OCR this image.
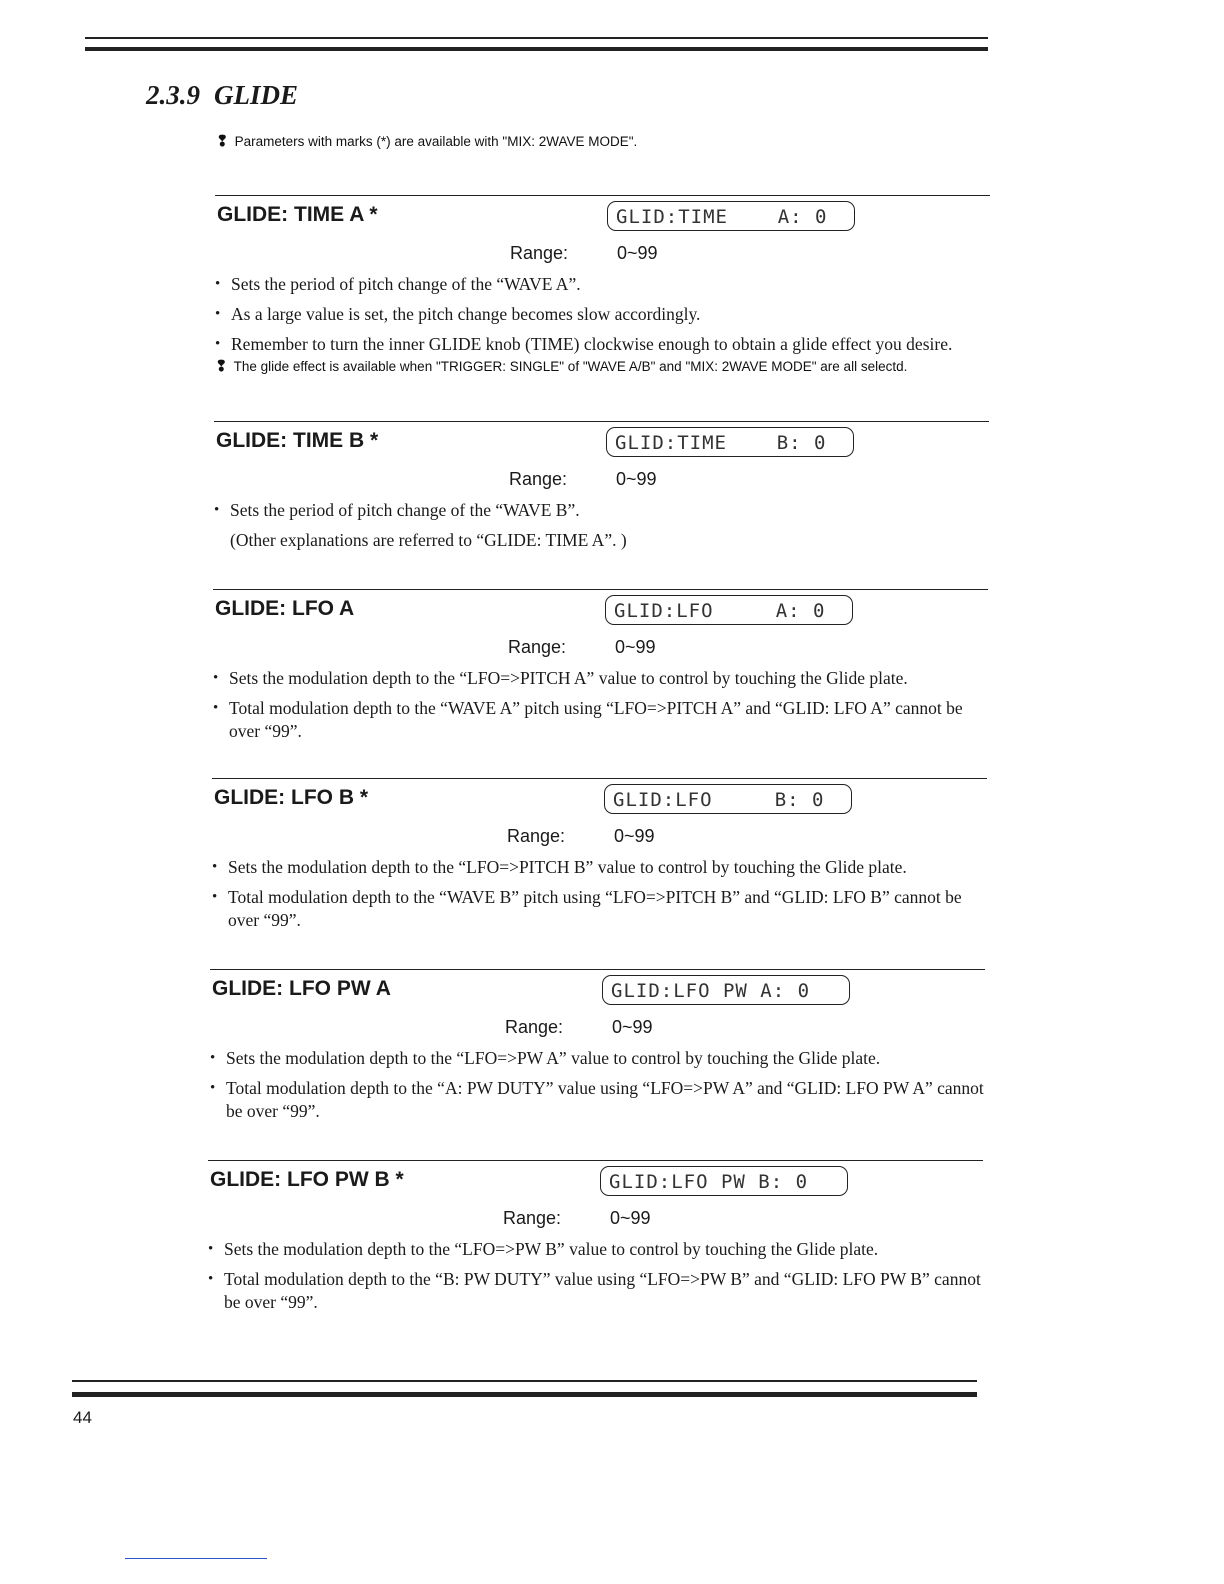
2.3.9 GLIDE
❢ Parameters with marks (*) are available with "MIX: 2WAVE MODE".
GLIDE: TIME A *	GLID:TIME    A: 0
Range:	0~99
• Sets the period of pitch change of the “WAVE A”.
• As a large value is set, the pitch change becomes slow accordingly.
• Remember to turn the inner GLIDE knob (TIME) clockwise enough to obtain a glide effect you desire.
❢ The glide effect is available when "TRIGGER: SINGLE" of "WAVE A/B" and "MIX: 2WAVE MODE" are all selectd.
GLIDE: TIME B *	GLID:TIME    B: 0
Range:	0~99
• Sets the period of pitch change of the “WAVE B”.
(Other explanations are referred to “GLIDE: TIME A”. )
GLIDE: LFO A	GLID:LFO     A: 0
Range:	0~99
• Sets the modulation depth to the “LFO=>PITCH A” value to control by touching the Glide plate.
• Total modulation depth to the “WAVE A” pitch using “LFO=>PITCH A” and “GLID: LFO A” cannot be over “99”.
GLIDE: LFO B *	GLID:LFO     B: 0
Range:	0~99
• Sets the modulation depth to the “LFO=>PITCH B” value to control by touching the Glide plate.
• Total modulation depth to the “WAVE B” pitch using “LFO=>PITCH B” and “GLID: LFO B” cannot be over “99”.
GLIDE: LFO PW A	GLID:LFO PW A: 0
Range:	0~99
• Sets the modulation depth to the “LFO=>PW A” value to control by touching the Glide plate.
• Total modulation depth to the “A: PW DUTY” value using “LFO=>PW A” and “GLID: LFO PW A” cannot be over “99”.
GLIDE: LFO PW B *	GLID:LFO PW B: 0
Range:	0~99
• Sets the modulation depth to the “LFO=>PW B” value to control by touching the Glide plate.
• Total modulation depth to the “B: PW DUTY” value using “LFO=>PW B” and “GLID: LFO PW B” cannot be over “99”.
44
